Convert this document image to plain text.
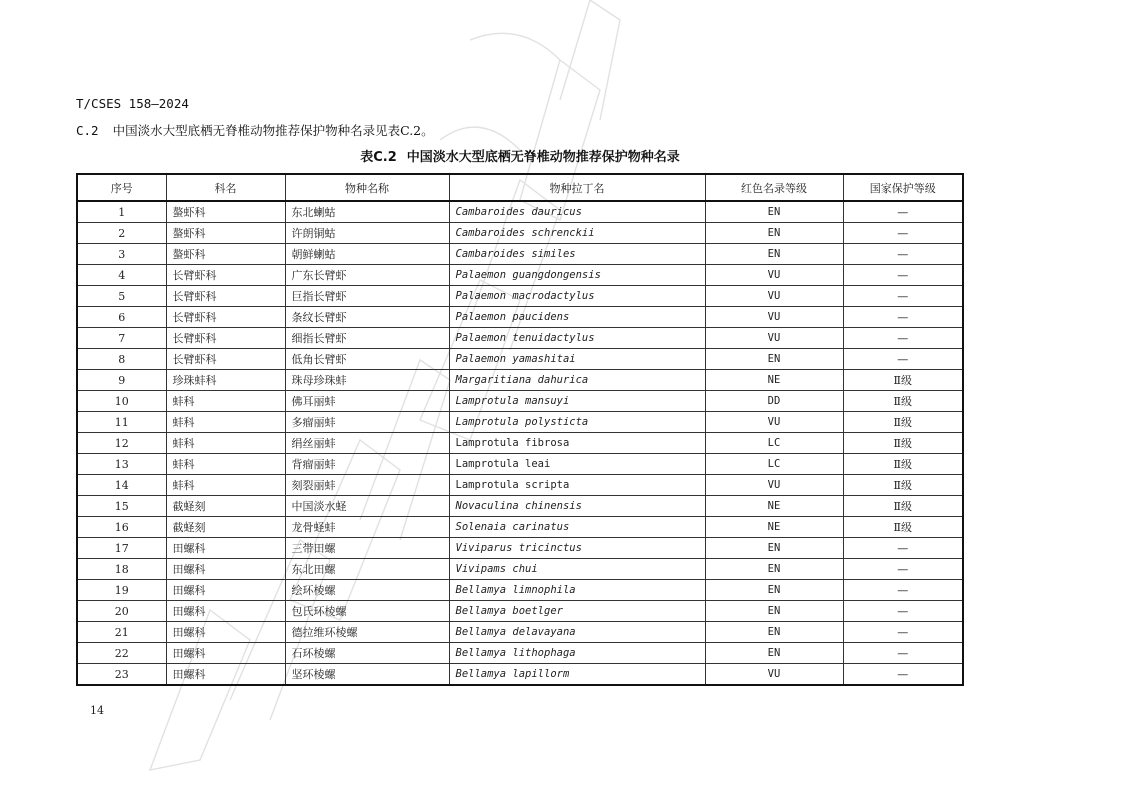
T/CSES 158—2024
C.2 中国淡水大型底栖无脊椎动物推荐保护物种名录见表C.2。
表C.2 中国淡水大型底栖无脊椎动物推荐保护物种名录
序号	科名	物种名称	物种拉丁名	红色名录等级	国家保护等级
1	螯虾科	东北蝲蛄	Cambaroides dauricus	EN	—
2	螯虾科	许朗铜蛄	Cambaroides schrenckii	EN	—
3	螯虾科	朝鲜蝲蛄	Cambaroides similes	EN	—
4	长臂虾科	广东长臂虾	Palaemon guangdongensis	VU	—
5	长臂虾科	巨指长臂虾	Palaemon macrodactylus	VU	—
6	长臂虾科	条纹长臂虾	Palaemon paucidens	VU	—
7	长臂虾科	细指长臂虾	Palaemon tenuidactylus	VU	—
8	长臂虾科	低角长臂虾	Palaemon yamashitai	EN	—
9	珍珠蚌科	珠母珍珠蚌	Margaritiana dahurica	NE	Ⅱ级
10	蚌科	佛耳丽蚌	Lamprotula mansuyi	DD	Ⅱ级
11	蚌科	多瘤丽蚌	Lamprotula polysticta	VU	Ⅱ级
12	蚌科	绢丝丽蚌	Lamprotula fibrosa	LC	Ⅱ级
13	蚌科	背瘤丽蚌	Lamprotula leai	LC	Ⅱ级
14	蚌科	刻裂丽蚌	Lamprotula scripta	VU	Ⅱ级
15	截蛏刻	中国淡水蛏	Novaculina chinensis	NE	Ⅱ级
16	截蛏刻	龙骨蛏蚌	Solenaia carinatus	NE	Ⅱ级
17	田螺科	三带田螺	Viviparus tricinctus	EN	—
18	田螺科	东北田螺	Vivipams chui	EN	—
19	田螺科	绘环棱螺	Bellamya limnophila	EN	—
20	田螺科	包氏环棱螺	Bellamya boetlger	EN	—
21	田螺科	德拉维环棱螺	Bellamya delavayana	EN	—
22	田螺科	石环棱螺	Bellamya lithophaga	EN	—
23	田螺科	坚环棱螺	Bellamya lapillorm	VU	—
14
